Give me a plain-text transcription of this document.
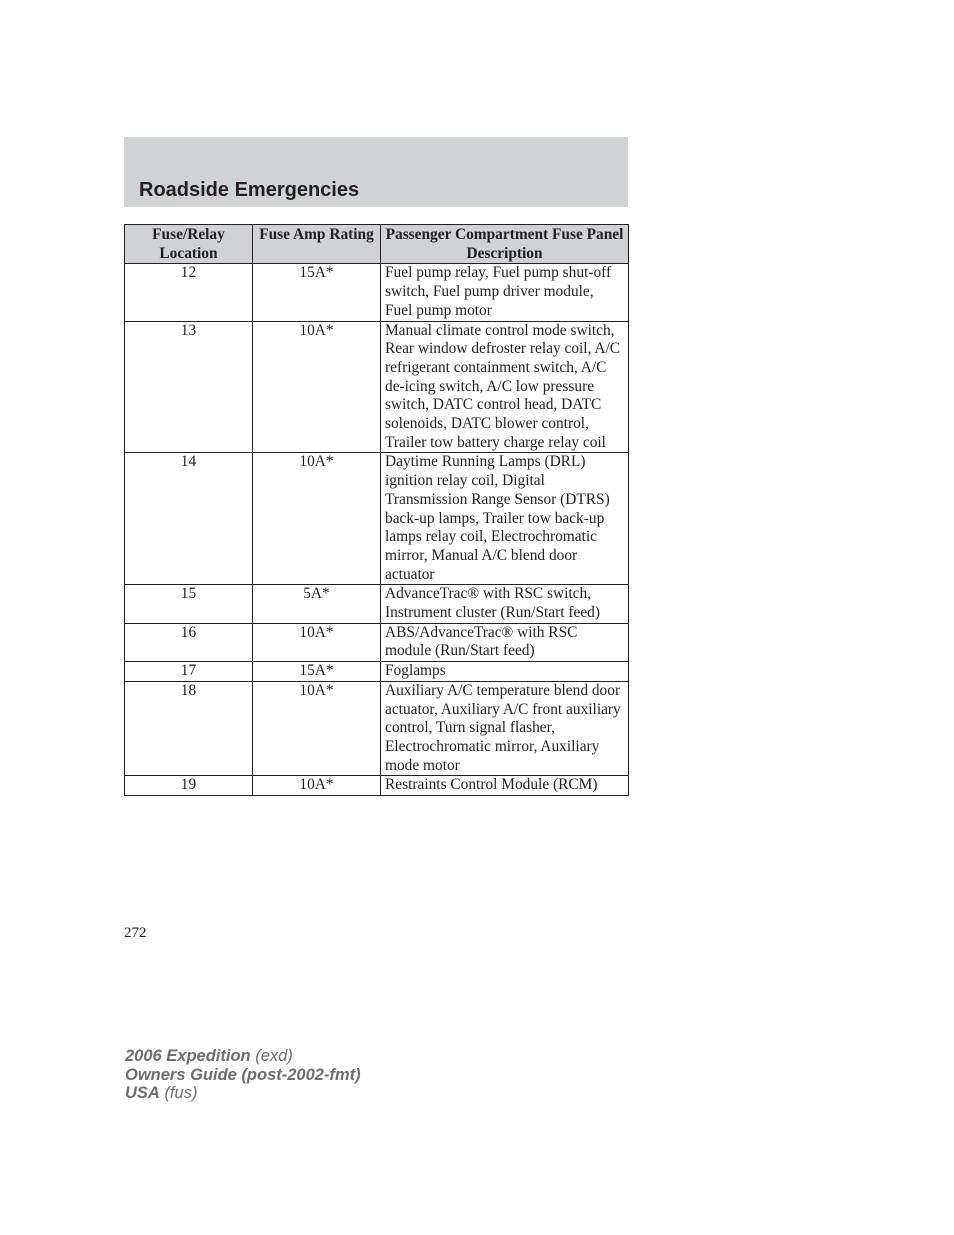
Roadside Emergencies
Fuse/Relay Location	Fuse Amp Rating	Passenger Compartment Fuse Panel Description
12	15A*	Fuel pump relay, Fuel pump shut-off switch, Fuel pump driver module, Fuel pump motor
13	10A*	Manual climate control mode switch, Rear window defroster relay coil, A/C refrigerant containment switch, A/C de-icing switch, A/C low pressure switch, DATC control head, DATC solenoids, DATC blower control, Trailer tow battery charge relay coil
14	10A*	Daytime Running Lamps (DRL) ignition relay coil, Digital Transmission Range Sensor (DTRS) back-up lamps, Trailer tow back-up lamps relay coil, Electrochromatic mirror, Manual A/C blend door actuator
15	5A*	AdvanceTrac® with RSC switch, Instrument cluster (Run/Start feed)
16	10A*	ABS/AdvanceTrac® with RSC module (Run/Start feed)
17	15A*	Foglamps
18	10A*	Auxiliary A/C temperature blend door actuator, Auxiliary A/C front auxiliary control, Turn signal flasher, Electrochromatic mirror, Auxiliary mode motor
19	10A*	Restraints Control Module (RCM)
272
2006 Expedition (exd)
Owners Guide (post-2002-fmt)
USA (fus)
